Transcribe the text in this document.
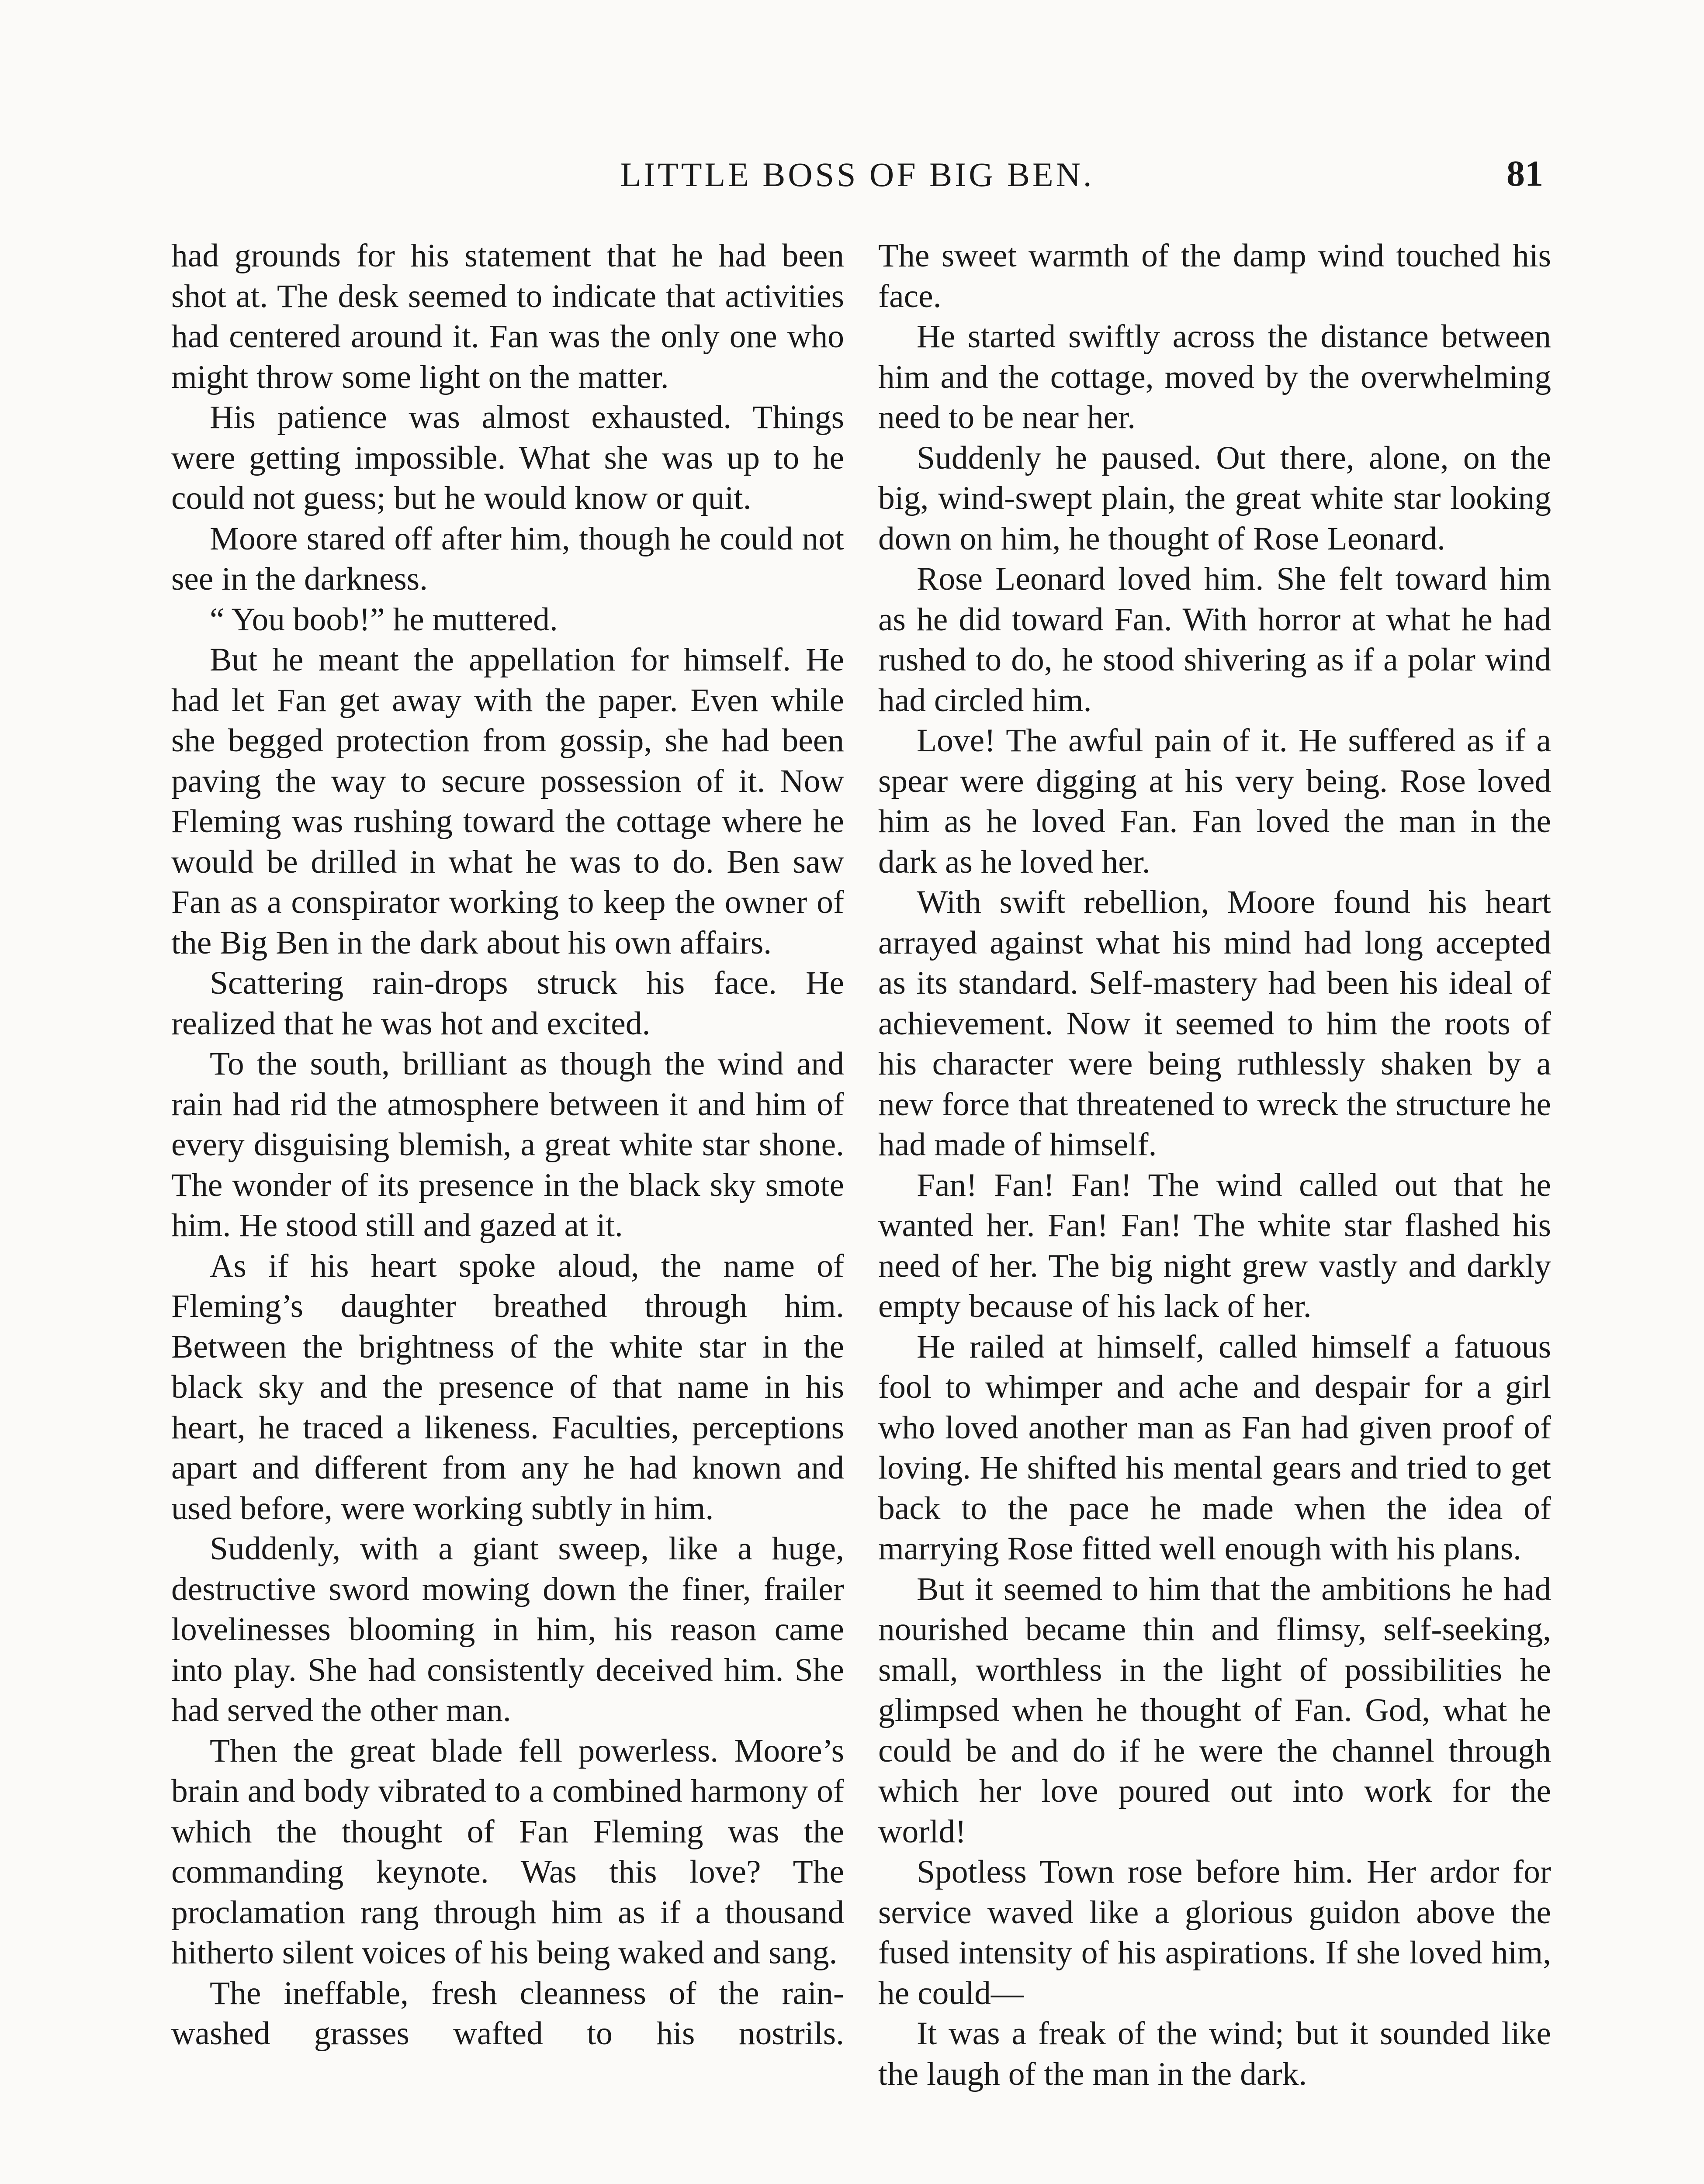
LITTLE BOSS OF BIG BEN.	81

had grounds for his statement that he had been shot at. The desk seemed to indicate that activities had centered around it. Fan was the only one who might throw some light on the matter.

His patience was almost exhausted. Things were getting impossible. What she was up to he could not guess; but he would know or quit.

Moore stared off after him, though he could not see in the darkness.

“ You boob!” he muttered.

But he meant the appellation for himself. He had let Fan get away with the paper. Even while she begged protection from gossip, she had been paving the way to secure possession of it. Now Fleming was rushing toward the cottage where he would be drilled in what he was to do. Ben saw Fan as a conspirator working to keep the owner of the Big Ben in the dark about his own affairs.

Scattering rain-drops struck his face. He realized that he was hot and excited.

To the south, brilliant as though the wind and rain had rid the atmosphere between it and him of every disguising blemish, a great white star shone. The wonder of its presence in the black sky smote him. He stood still and gazed at it.

As if his heart spoke aloud, the name of Fleming’s daughter breathed through him. Between the brightness of the white star in the black sky and the presence of that name in his heart, he traced a likeness. Faculties, perceptions apart and different from any he had known and used before, were working subtly in him.

Suddenly, with a giant sweep, like a huge, destructive sword mowing down the finer, frailer lovelinesses blooming in him, his reason came into play. She had consistently deceived him. She had served the other man.

Then the great blade fell powerless. Moore’s brain and body vibrated to a combined harmony of which the thought of Fan Fleming was the commanding keynote. Was this love? The proclamation rang through him as if a thousand hitherto silent voices of his being waked and sang.

The ineffable, fresh cleanness of the rain-washed grasses wafted to his nostrils.

The sweet warmth of the damp wind touched his face.

He started swiftly across the distance between him and the cottage, moved by the overwhelming need to be near her.

Suddenly he paused. Out there, alone, on the big, wind-swept plain, the great white star looking down on him, he thought of Rose Leonard.

Rose Leonard loved him. She felt toward him as he did toward Fan. With horror at what he had rushed to do, he stood shivering as if a polar wind had circled him.

Love! The awful pain of it. He suffered as if a spear were digging at his very being. Rose loved him as he loved Fan. Fan loved the man in the dark as he loved her.

With swift rebellion, Moore found his heart arrayed against what his mind had long accepted as its standard. Self-mastery had been his ideal of achievement. Now it seemed to him the roots of his character were being ruthlessly shaken by a new force that threatened to wreck the structure he had made of himself.

Fan! Fan! Fan! The wind called out that he wanted her. Fan! Fan! The white star flashed his need of her. The big night grew vastly and darkly empty because of his lack of her.

He railed at himself, called himself a fatuous fool to whimper and ache and despair for a girl who loved another man as Fan had given proof of loving. He shifted his mental gears and tried to get back to the pace he made when the idea of marrying Rose fitted well enough with his plans.

But it seemed to him that the ambitions he had nourished became thin and flimsy, self-seeking, small, worthless in the light of possibilities he glimpsed when he thought of Fan. God, what he could be and do if he were the channel through which her love poured out into work for the world!

Spotless Town rose before him. Her ardor for service waved like a glorious guidon above the fused intensity of his aspirations. If she loved him, he could—

It was a freak of the wind; but it sounded like the laugh of the man in the dark.
